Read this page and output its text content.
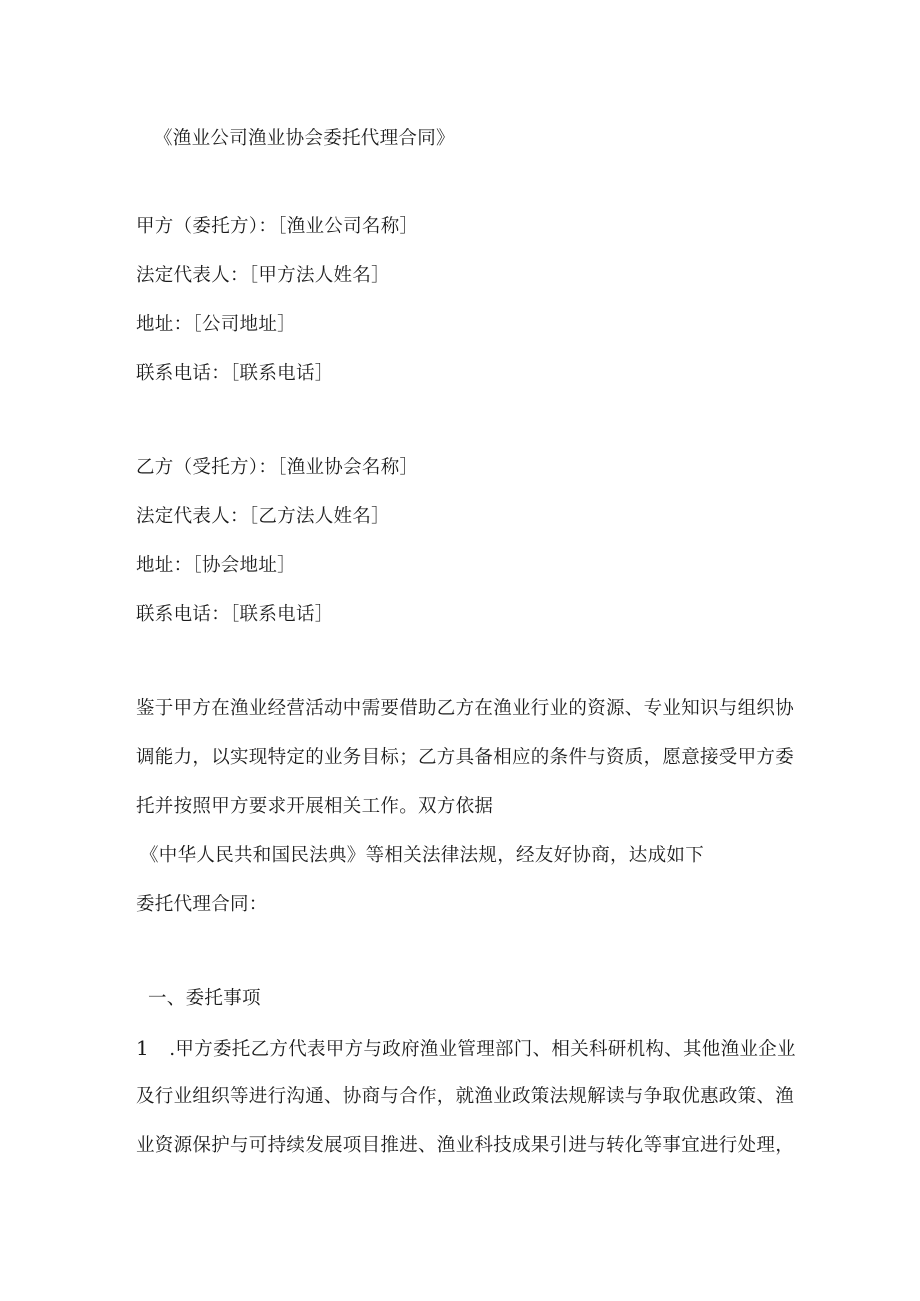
《渔业公司渔业协会委托代理合同》
甲方（委托方）：［渔业公司名称］
法定代表人：［甲方法人姓名］
地址：［公司地址］
联系电话：［联系电话］
乙方（受托方）：［渔业协会名称］
法定代表人：［乙方法人姓名］
地址：［协会地址］
联系电话：［联系电话］
鉴于甲方在渔业经营活动中需要借助乙方在渔业行业的资源、专业知识与组织协
调能力，以实现特定的业务目标；乙方具备相应的条件与资质，愿意接受甲方委
托并按照甲方要求开展相关工作。双方依据
《中华人民共和国民法典》等相关法律法规，经友好协商，达成如下
委托代理合同：
一、委托事项
1 .甲方委托乙方代表甲方与政府渔业管理部门、相关科研机构、其他渔业企业
及行业组织等进行沟通、协商与合作，就渔业政策法规解读与争取优惠政策、渔
业资源保护与可持续发展项目推进、渔业科技成果引进与转化等事宜进行处理，
